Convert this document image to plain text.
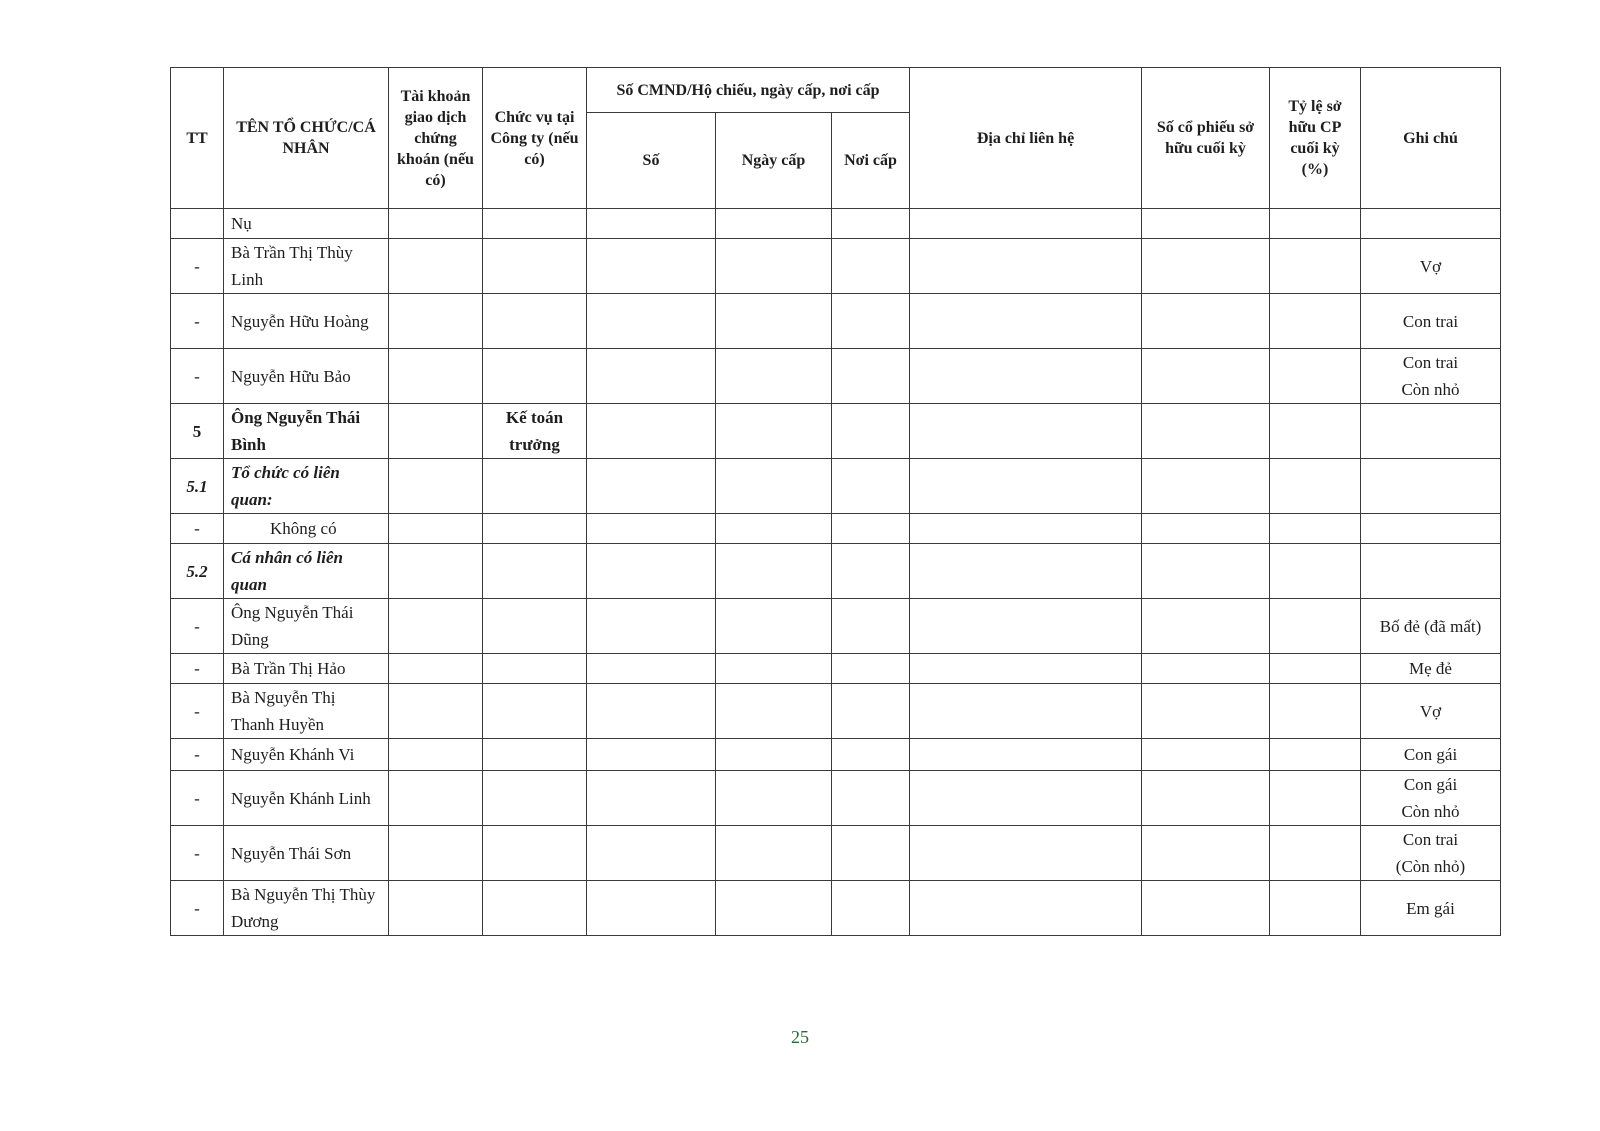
TT	TÊN TỔ CHỨC/CÁ NHÂN	Tài khoản giao dịch chứng khoán (nếu có)	Chức vụ tại Công ty (nếu có)	Số CMND/Hộ chiếu, ngày cấp, nơi cấp			Địa chỉ liên hệ	Số cổ phiếu sở hữu cuối kỳ	Tỷ lệ sở hữu CP cuối kỳ (%)	Ghi chú
				Số	Ngày cấp	Nơi cấp				
	Nụ									
-	Bà Trần Thị Thùy Linh									Vợ
-	Nguyễn Hữu Hoàng									Con trai
-	Nguyễn Hữu Bảo									Con trai
Còn nhỏ
5	Ông Nguyễn Thái Bình		Kế toán trưởng							
5.1	Tổ chức có liên quan:									
-	Không có									
5.2	Cá nhân có liên quan									
-	Ông Nguyễn Thái Dũng									Bố đẻ (đã mất)
-	Bà Trần Thị Hảo									Mẹ đẻ
-	Bà Nguyễn Thị Thanh Huyền									Vợ
-	Nguyễn Khánh Vi									Con gái
-	Nguyễn Khánh Linh									Con gái
Còn nhỏ
-	Nguyễn Thái Sơn									Con trai
(Còn nhỏ)
-	Bà Nguyễn Thị Thùy Dương									Em gái
25
